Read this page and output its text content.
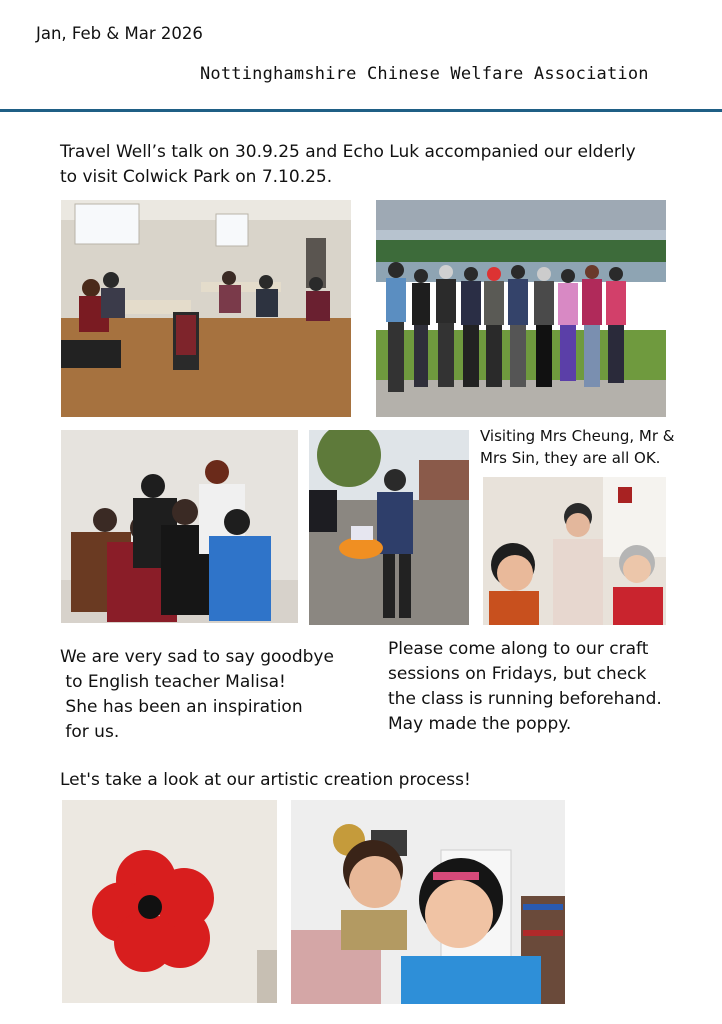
Jan, Feb & Mar 2026
Nottinghamshire Chinese Welfare Association
Travel Well’s talk on 30.9.25 and Echo Luk accompanied our elderly
to visit Colwick Park on 7.10.25.
Visiting Mrs Cheung, Mr &
Mrs Sin, they are all OK.
We are very sad to say goodbye
to English teacher Malisa!
She has been an inspiration
for us.
Please come along to our craft
sessions on Fridays, but check
the class is running beforehand.
May made the poppy.
Let's take a look at our artistic creation process!
